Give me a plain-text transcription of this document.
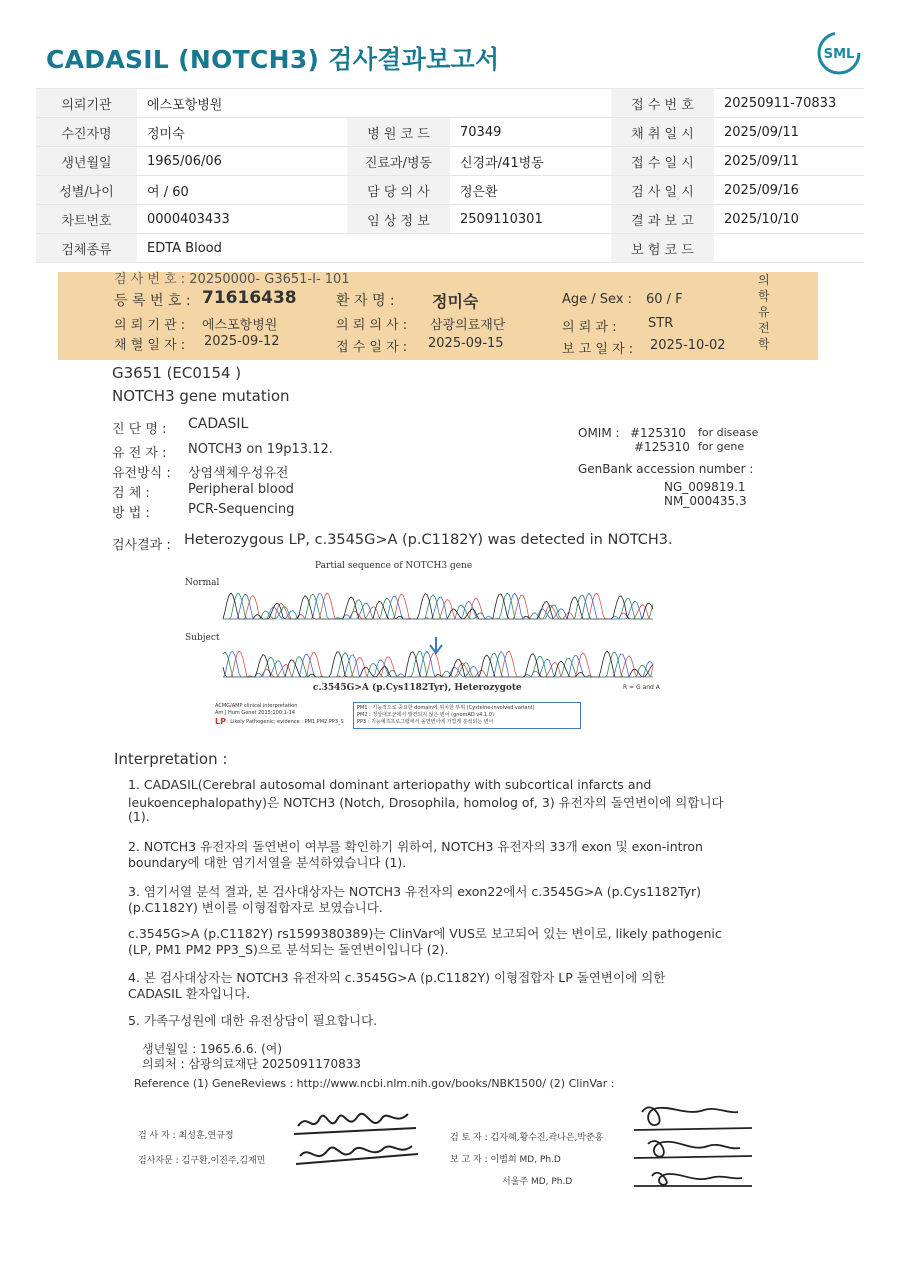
CADASIL (NOTCH3) 검사결과보고서	SML
의뢰기관	에스포항병원			접 수 번 호	20250911-70833
수진자명	정미숙	병 원 코 드	70349	채 취 일 시	2025/09/11
생년월일	1965/06/06	진료과/병동	신경과/41병동	접 수 일 시	2025/09/11
성별/나이	여 / 60	담 당 의 사	정은환	검 사 일 시	2025/09/16
차트번호	0000403433	임 상 정 보	2509110301	결 과 보 고	2025/10/10
검체종류	EDTA Blood			보 험 코 드	
검 사 번 호 : 20250000- G3651-I- 101
등 록 번 호 : 71616438	환 자 명 : 정미숙	Age / Sex : 60 / F
의 뢰 기 관 : 에스포항병원	의 뢰 의 사 : 삼광의료재단	의 뢰 과 : STR
채 혈 일 자 : 2025-09-12	접 수 일 자 : 2025-09-15	보 고 일 자 : 2025-10-02
의
학
유
전
학
G3651 (EC0154 )
NOTCH3 gene mutation
진 단 명 : CADASIL
유 전 자 : NOTCH3 on 19p13.12.
유전방식 : 상염색체우성유전
검 체 :	Peripheral blood
방 법 :	PCR-Sequencing
OMIM : #125310 for disease
#125310 for gene
GenBank accession number :
NG_009819.1
NM_000435.3
검사결과 : Heterozygous LP, c.3545G>A (p.C1182Y) was detected in NOTCH3.
Partial sequence of NOTCH3 gene
Normal
Subject
c.3545G>A (p.Cys1182Tyr), Heterozygote	R = G and A
ACMG/AMP clinical interpretation
Am J Hum Genet 2015;100:1-14
LP : Likely Pathogenic; evidence : PM1 PM2 PP3_S
PM1 : 기능적으로 중요한 domain에 위치한 부위 (Cysteine-involved variant)
PM2 : 정상대조군에서 발견되지 않은 변이 (gnomAD v4.1.0)
PP3 : 기능예측프로그램에서 돌연변이에 가깝게 분석되는 변이
Interpretation :
1. CADASIL(Cerebral autosomal dominant arteriopathy with subcortical infarcts and
leukoencephalopathy)은 NOTCH3 (Notch, Drosophila, homolog of, 3) 유전자의 돌연변이에 의합니다
(1).
2. NOTCH3 유전자의 돌연변이 여부를 확인하기 위하여, NOTCH3 유전자의 33개 exon 및 exon-intron
boundary에 대한 염기서열을 분석하였습니다 (1).
3. 염기서열 분석 결과, 본 검사대상자는 NOTCH3 유전자의 exon22에서 c.3545G>A (p.Cys1182Tyr)
(p.C1182Y) 변이를 이형접합자로 보였습니다.
c.3545G>A (p.C1182Y) rs1599380389)는 ClinVar에 VUS로 보고되어 있는 변이로, likely pathogenic
(LP, PM1 PM2 PP3_S)으로 분석되는 돌연변이입니다 (2).
4. 본 검사대상자는 NOTCH3 유전자의 c.3545G>A (p.C1182Y) 이형접합자 LP 돌연변이에 의한
CADASIL 환자입니다.
5. 가족구성원에 대한 유전상담이 필요합니다.
생년월일 : 1965.6.6. (여)
의뢰처 : 삼광의료재단 2025091170833
Reference (1) GeneReviews : http://www.ncbi.nlm.nih.gov/books/NBK1500/ (2) ClinVar :
검 사 자 : 최성훈,연규정
검사자문 : 김구환,이진주,김재민
검 토 자 : 김자혜,황수진,곽나은,박준홍
보 고 자 : 이범희 MD, Ph.D
서울주 MD, Ph.D
